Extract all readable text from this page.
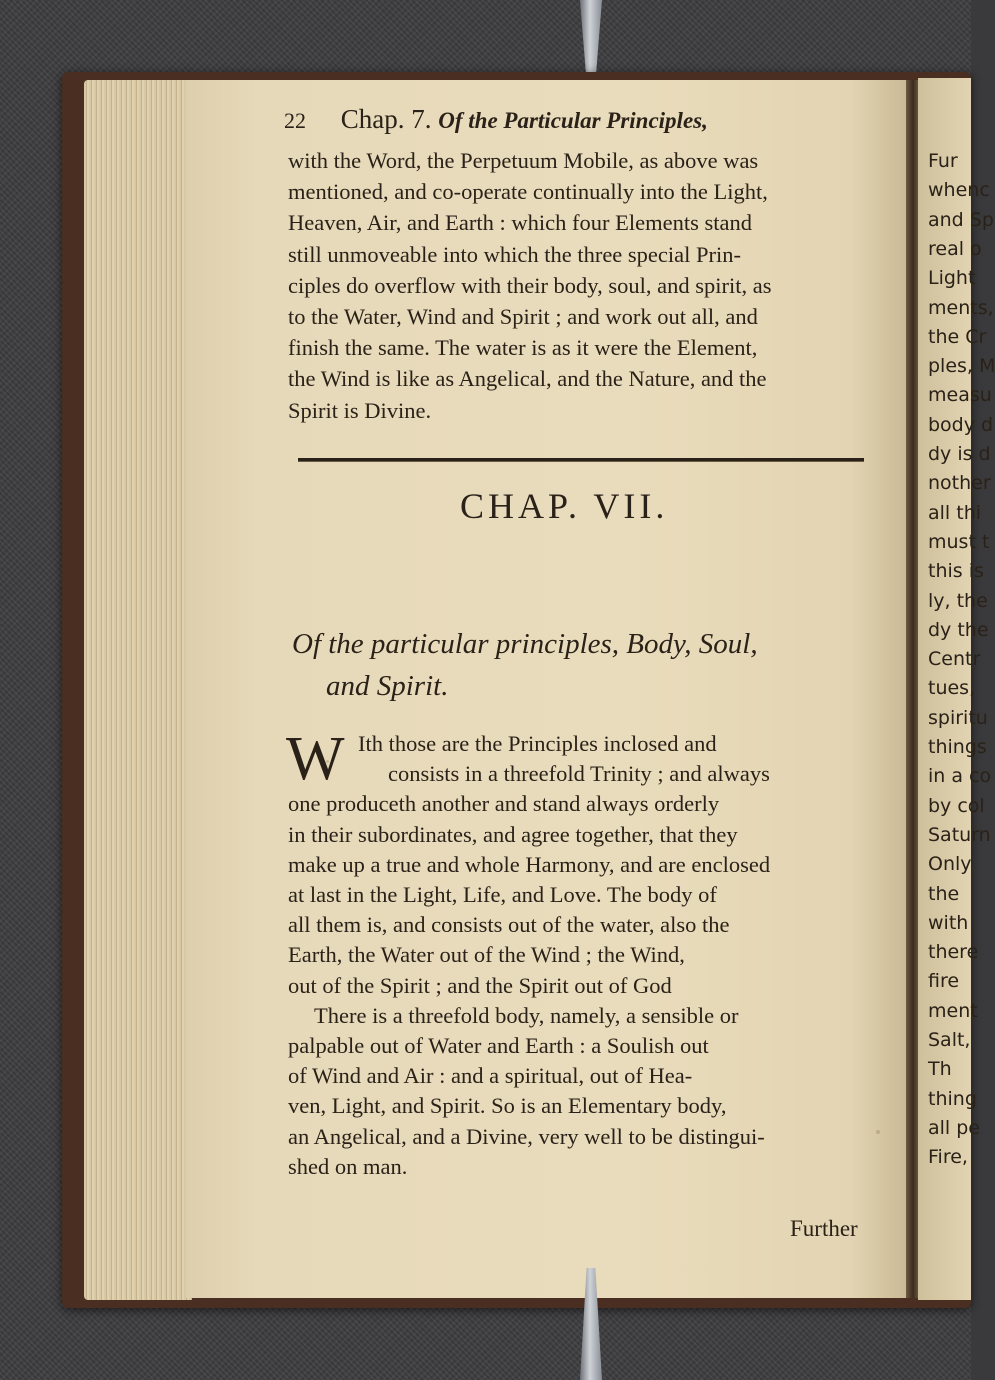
22 Chap. 7. Of the Particular Principles,
with the Word, the Perpetuum Mobile, as above was
mentioned, and co-operate continually into the Light,
Heaven, Air, and Earth : which four Elements stand
still unmoveable into which the three special Prin-
ciples do overflow with their body, soul, and spirit, as
to the Water, Wind and Spirit ; and work out all, and
finish the same. The water is as it were the Element,
the Wind is like as Angelical, and the Nature, and the
Spirit is Divine.
CHAP. VII.
Of the particular principles, Body, Soul,
and Spirit.
W Ith those are the Principles inclosed and
consists in a threefold Trinity ; and always
one produceth another and stand always orderly
in their subordinates, and agree together, that they
make up a true and whole Harmony, and are enclosed
at last in the Light, Life, and Love. The body of
all them is, and consists out of the water, also the
Earth, the Water out of the Wind ; the Wind,
out of the Spirit ; and the Spirit out of God
There is a threefold body, namely, a sensible or
palpable out of Water and Earth : a Soulish out
of Wind and Air : and a spiritual, out of Hea-
ven, Light, and Spirit. So is an Elementary body,
an Angelical, and a Divine, very well to be distingui-
shed on man.
Further
Fur
whenc
and Sp
real o
Light
ments,
the Cr
ples, M
measu
body d
dy is d
nother
all thi
must t
this is
ly, the
dy the
Centr
tues,
spiritu
things
in a co
by col
Saturn
Only
the
with
there
fire
ment
Salt,
Th
thing
all pe
Fire,
